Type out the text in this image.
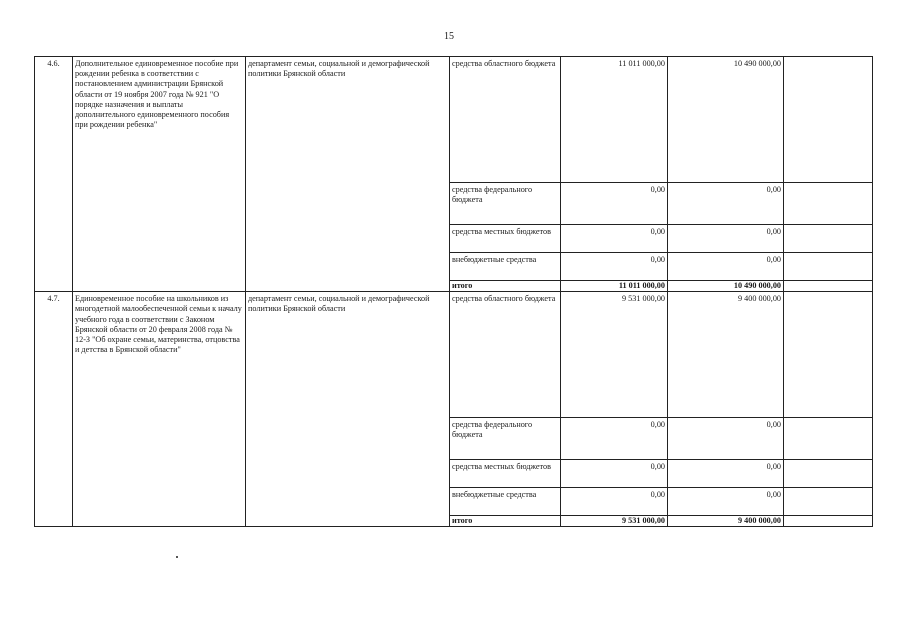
15
4.6.	Дополнительное единовременное пособие при рождении ребенка в соответствии с постановлением администрации Брянской области от 19 ноября 2007 года № 921 "О порядке назначения и выплаты дополнительного единовременного пособия при рождении ребенка"	департамент семьи, социальной и демографической политики Брянской области	средства областного бюджета	11 011 000,00	10 490 000,00	
			средства федерального бюджета	0,00	0,00	
			средства местных бюджетов	0,00	0,00	
			внебюджетные средства	0,00	0,00	
			итого	11 011 000,00	10 490 000,00	
4.7.	Единовременное пособие на школьников из многодетной малообеспеченной семьи к началу учебного года в соответствии с Законом Брянской области от 20 февраля 2008 года № 12-З "Об охране семьи, материнства, отцовства и детства в Брянской области"	департамент семьи, социальной и демографической политики Брянской области	средства областного бюджета	9 531 000,00	9 400 000,00	
			средства федерального бюджета	0,00	0,00	
			средства местных бюджетов	0,00	0,00	
			внебюджетные средства	0,00	0,00	
			итого	9 531 000,00	9 400 000,00	
